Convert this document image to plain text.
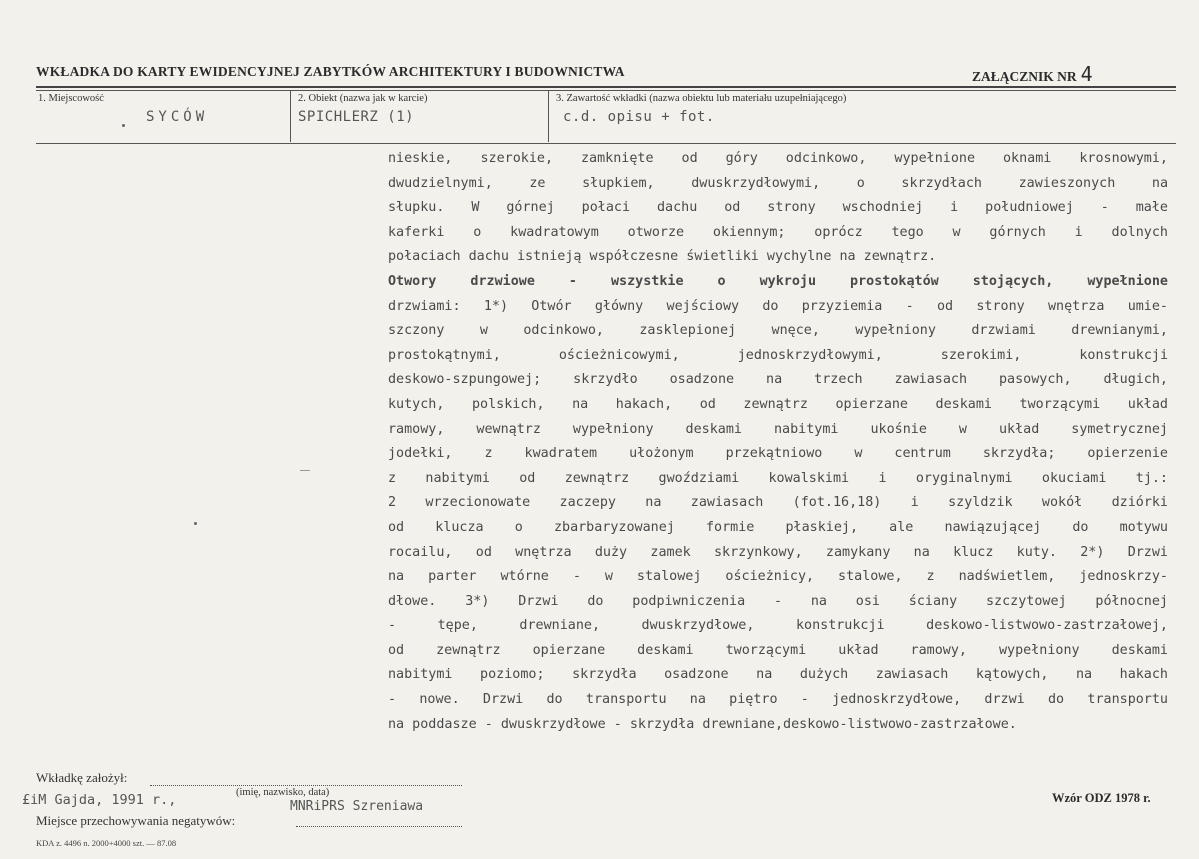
WKŁADKA DO KARTY EWIDENCYJNEJ ZABYTKÓW ARCHITEKTURY I BUDOWNICTWA	ZAŁĄCZNIK NR 4
1. Miejscowość
SYCÓW
2. Obiekt (nazwa jak w karcie)
SPICHLERZ (1)
3. Zawartość wkładki (nazwa obiektu lub materiału uzupełniającego)
c.d. opisu + fot.

nieskie, szerokie, zamknięte od góry odcinkowo, wypełnione oknami krosnowymi,

dwudzielnymi, ze słupkiem, dwuskrzydłowymi, o skrzydłach zawieszonych na

słupku. W górnej połaci dachu od strony wschodniej i południowej - małe

kaferki o kwadratowym otworze okiennym; oprócz tego w górnych i dolnych

połaciach dachu istnieją współczesne świetliki wychylne na zewnątrz.

Otwory drzwiowe - wszystkie o wykroju prostokątów stojących, wypełnione

drzwiami: 1*) Otwór główny wejściowy do przyziemia - od strony wnętrza umie-

szczony w odcinkowo, zasklepionej wnęce, wypełniony drzwiami drewnianymi,

prostokątnymi, ościeżnicowymi, jednoskrzydłowymi, szerokimi, konstrukcji

deskowo-szpungowej; skrzydło osadzone na trzech zawiasach pasowych, długich,

kutych, polskich, na hakach, od zewnątrz opierzane deskami tworzącymi układ

ramowy, wewnątrz wypełniony deskami nabitymi ukośnie w układ symetrycznej

jodełki, z kwadratem ułożonym przekątniowo w centrum skrzydła; opierzenie

z nabitymi od zewnątrz gwoździami kowalskimi i oryginalnymi okuciami tj.:

2 wrzecionowate zaczepy na zawiasach (fot.16,18) i szyldzik wokół dziórki

od klucza o zbarbaryzowanej formie płaskiej, ale nawiązującej do motywu

rocailu, od wnętrza duży zamek skrzynkowy, zamykany na klucz kuty. 2*) Drzwi

na parter wtórne - w stalowej ościeżnicy, stalowe, z nadświetlem, jednoskrzy-

dłowe. 3*) Drzwi do podpiwniczenia - na osi ściany szczytowej północnej

- tępe, drewniane, dwuskrzydłowe, konstrukcji deskowo-listwowo-zastrzałowej,

od zewnątrz opierzane deskami tworzącymi układ ramowy, wypełniony deskami

nabitymi poziomo; skrzydła osadzone na dużych zawiasach kątowych, na hakach

- nowe. Drzwi do transportu na piętro - jednoskrzydłowe, drzwi do transportu

na poddasze - dwuskrzydłowe - skrzydła drewniane,deskowo-listwowo-zastrzałowe.

Wkładkę założył:
£iM Gajda, 1991 r.,	(imię, nazwisko, data)
MNRiPRS Szreniawa
Miejsce przechowywania negatywów:
Wzór ODZ 1978 r.
KDA z. 4496 n. 2000+4000 szt. — 87.08
